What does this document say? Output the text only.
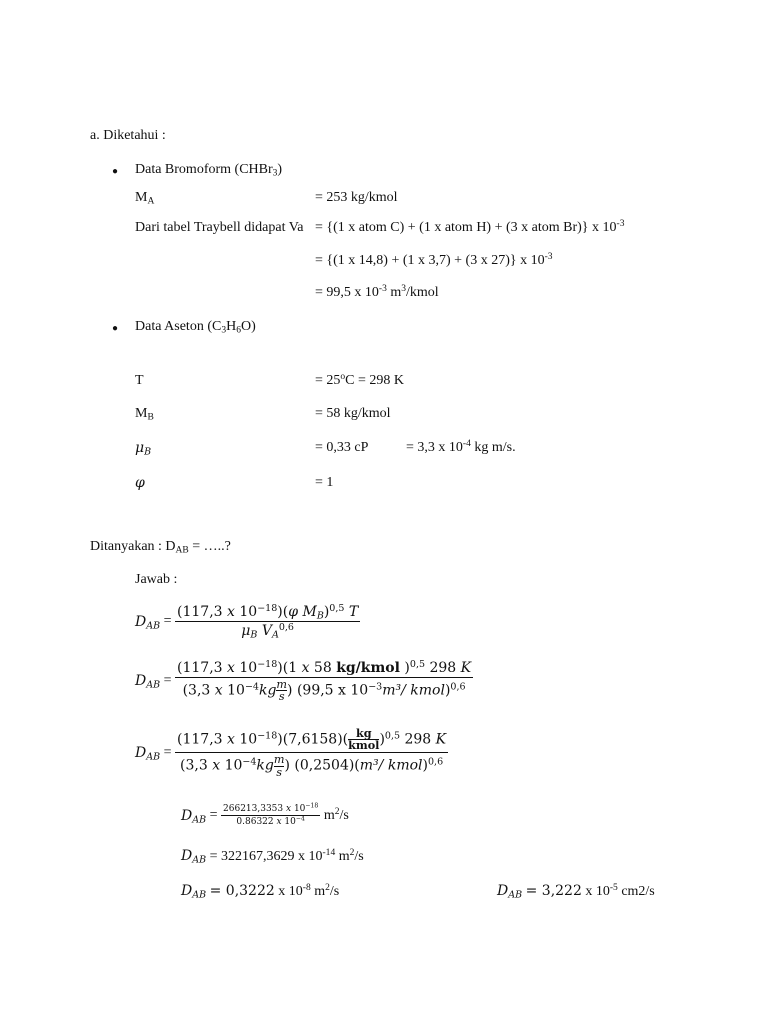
a. Diketahui :
● Data Bromoform (CHBr$_3$)
$M_A$	= 253 kg/kmol
Dari tabel Traybell didapat Va = {(1 x atom C) + (1 x atom H) + (3 x atom Br)} x $10^{-3}$
= {(1 x 14,8) + (1 x 3,7) + (3 x 27)} x $10^{-3}$
= 99,5 x $10^{-3}$ $m^3$/kmol
● Data Aseton $(C_3H_6O)$
T	= $25^oC = 298$ K
$M_B$	= 58 kg/kmol
$\mu_B$	= 0,33 cP	= 3,3 x $10^{-4}$ kg m/s.
φ	= 1
Ditanyakan : $D_{AB}$ = …..?
Jawab :
$D_{AB} = \frac{(117,3 x 10^{-18})(\varphi M_B)^{0,5} T}{\mu_B V_A^{0,6}}$
$D_{AB} = \frac{(117,3 x 10^{-18})(1 x 58 kg/kmol )^{0,5} 298 K}{(3,3 x 10^{-4}kg \frac{m}{s} ) (99,5 x 10^{-3}m^3/ kmol)^{0,6}}$
$D_{AB} = (117,3$ x $10^{-18})(7,6158)$( kg
kmol )$^{0,5}$ 298 K
(3,3 x $10^{-4}kg \frac{m}{s}$ ) (0,2504)(m³/ kmol)$^{0,6}$
$D_{AB} = \frac{266213,3353 x 10^{-18}}{0.86322 x 10^{-4}} m^2/s$
$D_{AB} = 322167,3629$ x $10^{-14}$ $m^2/s$
$D_{AB} = 0,3222$ x $10^{-8}$ $m^2/s$	$D_{AB} = 3,222$ x $10^{-5}$ cm2/s
